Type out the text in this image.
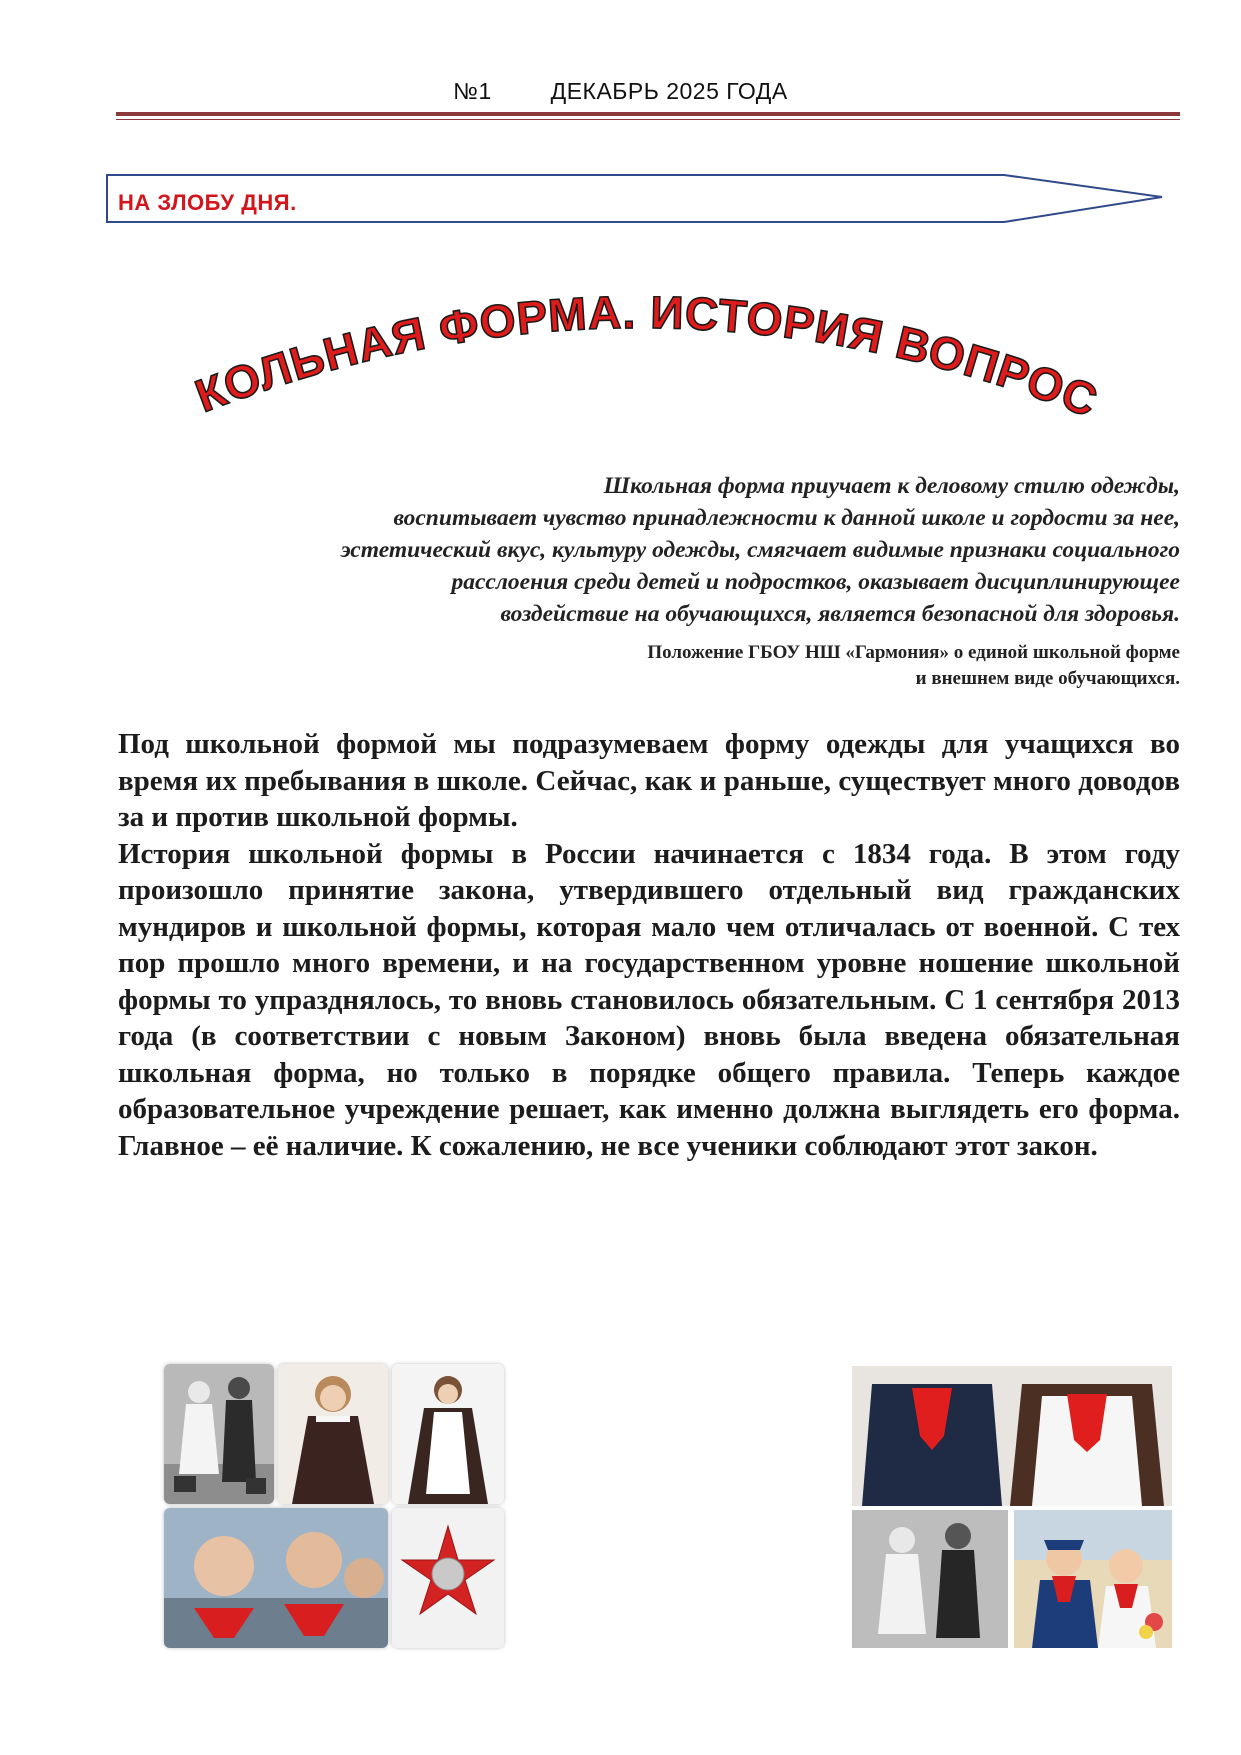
№1	ДЕКАБРЬ 2025 ГОДА
НА ЗЛОБУ ДНЯ.
КОЛЬНАЯ ФОРМА. ИСТОРИЯ ВОПРОС
Школьная форма приучает к деловому стилю одежды,
воспитывает чувство принадлежности к данной школе и гордости за нее,
эстетический вкус, культуру одежды, смягчает видимые признаки социального
расслоения среди детей и подростков, оказывает дисциплинирующее
воздействие на обучающихся, является безопасной для здоровья.
Положение ГБОУ НШ «Гармония» о единой школьной форме
и внешнем виде обучающихся.

Под школьной формой мы подразумеваем форму одежды для учащихся во время их пребывания в школе. Сейчас, как и раньше, существует много доводов за и против школьной формы.

История школьной формы в России начинается с 1834 года. В этом году произошло принятие закона, утвердившего отдельный вид гражданских мундиров и школьной формы, которая мало чем отличалась от военной. С тех пор прошло много времени, и на государственном уровне ношение школьной формы то упразднялось, то вновь становилось обязательным. С 1 сентября 2013 года (в соответствии с новым Законом) вновь была введена обязательная школьная форма, но только в порядке общего правила. Теперь каждое образовательное учреждение решает, как именно должна выглядеть его форма. Главное – её наличие. К сожалению, не все ученики соблюдают этот закон.
